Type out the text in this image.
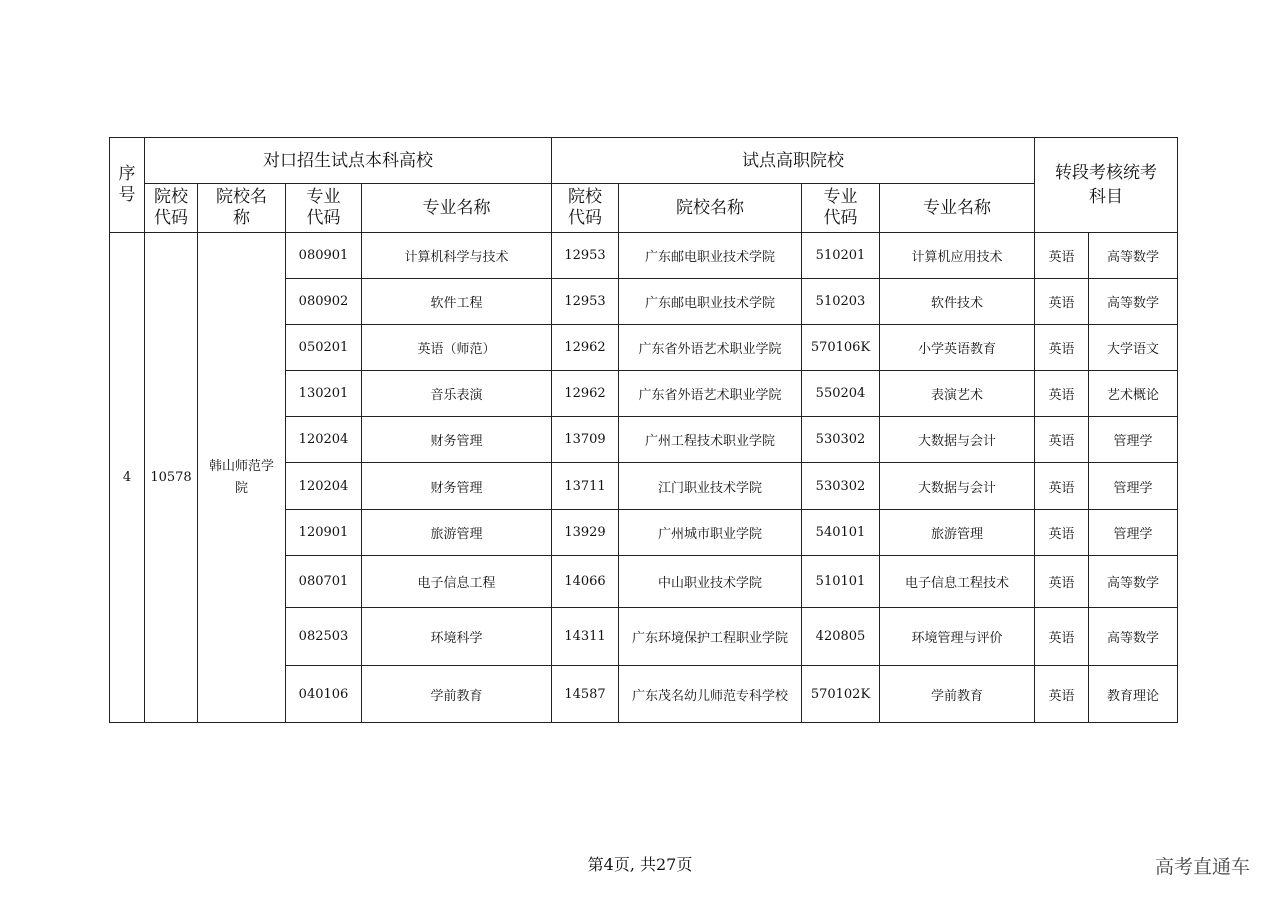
序号	对口招生试点本科高校				试点高职院校				转段考核统考科目	
	院校代码	院校名称	专业代码	专业名称	院校代码	院校名称	专业代码	专业名称		
4	10578	韩山师范学院	080901	计算机科学与技术	12953	广东邮电职业技术学院	510201	计算机应用技术	英语	高等数学
			080902	软件工程	12953	广东邮电职业技术学院	510203	软件技术	英语	高等数学
			050201	英语（师范）	12962	广东省外语艺术职业学院	570106K	小学英语教育	英语	大学语文
			130201	音乐表演	12962	广东省外语艺术职业学院	550204	表演艺术	英语	艺术概论
			120204	财务管理	13709	广州工程技术职业学院	530302	大数据与会计	英语	管理学
			120204	财务管理	13711	江门职业技术学院	530302	大数据与会计	英语	管理学
			120901	旅游管理	13929	广州城市职业学院	540101	旅游管理	英语	管理学
			080701	电子信息工程	14066	中山职业技术学院	510101	电子信息工程技术	英语	高等数学
			082503	环境科学	14311	广东环境保护工程职业学院	420805	环境管理与评价	英语	高等数学
			040106	学前教育	14587	广东茂名幼儿师范专科学校	570102K	学前教育	英语	教育理论
第4页, 共27页	高考直通车
